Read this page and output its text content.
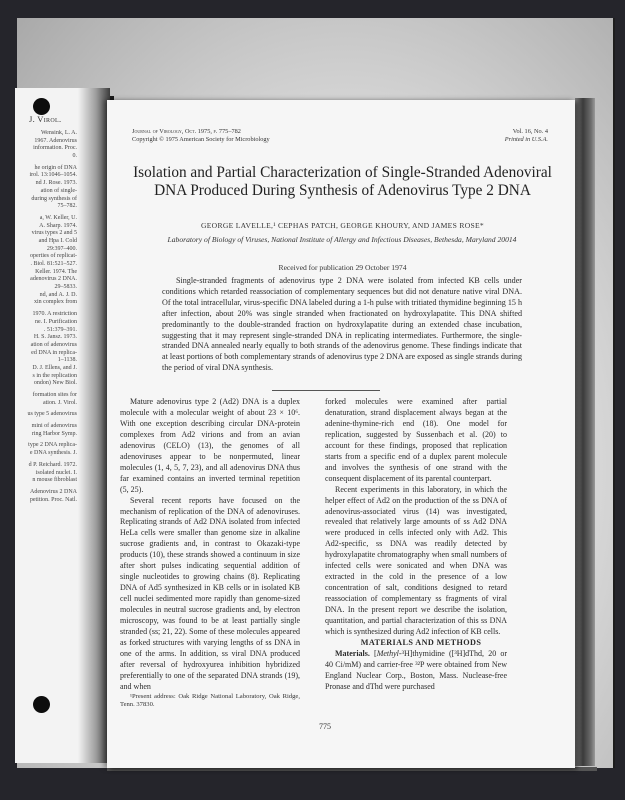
J. Virol.
Wensink, L. A.
1967. Adenovirus
information. Proc.
0.
he origin of DNA
irol. 13:1046–1054.
nd J. Rose. 1973.
ation of single-
during synthesis of
75–782.
a, W. Keller, U.
A. Sharp. 1974.
virus types 2 and 5
and Hpa I. Cold
29:397–400.
operties of replicat-
. Biol. 81:521–527.
Keller. 1974. The
adenovirus 2 DNA.
29–5833.
nd, and A. J. D.
xin complex from
1970. A restriction
ne. I. Purification
. 51:379–391.
H. S. Jansz. 1973.
ation of adenovirus
ed DNA in replica-
1–1138.
D. J. Ellens, and J.
s in the replication
ondon) New Biol.
formation sites for
ation. J. Virol.
us type 5 adenovirus
mini of adenovirus
ring Harbor Symp.
type 2 DNA replica-
e DNA synthesis. J.
d P. Reichard. 1972.
isolated nuclei. I.
n mouse fibroblast
Adenovirus 2 DNA
petition. Proc. Natl.
Journal of Virology, Oct. 1975, p. 775–782
Copyright © 1975 American Society for Microbiology
Vol. 16, No. 4
Printed in U.S.A.
Isolation and Partial Characterization of Single-Stranded Adenoviral DNA Produced During Synthesis of Adenovirus Type 2 DNA
GEORGE LAVELLE,¹ CEPHAS PATCH, GEORGE KHOURY, AND JAMES ROSE*
Laboratory of Biology of Viruses, National Institute of Allergy and Infectious Diseases, Bethesda, Maryland 20014
Received for publication 29 October 1974

Single-stranded fragments of adenovirus type 2 DNA were isolated from infected KB cells under conditions which retarded reassociation of complementary sequences but did not denature native viral DNA. Of the total intracellular, virus-specific DNA labeled during a 1-h pulse with tritiated thymidine beginning 15 h after infection, about 20% was single stranded when fractionated on hydroxylapatite. This DNA shifted predominantly to the double-stranded fraction on hydroxylapatite during an extended chase incubation, suggesting that it may represent single-stranded DNA in replicating intermediates. Furthermore, the single-stranded DNA annealed nearly equally to both strands of the adenovirus genome. These findings indicate that at least portions of both complementary strands of adenovirus type 2 DNA are exposed as single strands during the period of viral DNA synthesis.

Mature adenovirus type 2 (Ad2) DNA is a duplex molecule with a molecular weight of about 23 × 10⁶. With one exception describing circular DNA-protein complexes from Ad2 virions and from an avian adenovirus (CELO) (13), the genomes of all adenoviruses appear to be nonpermuted, linear molecules (1, 4, 5, 7, 23), and all adenovirus DNA thus far examined contains an inverted terminal repetition (5, 25).

Several recent reports have focused on the mechanism of replication of the DNA of adenoviruses. Replicating strands of Ad2 DNA isolated from infected HeLa cells were smaller than genome size in alkaline sucrose gradients and, in contrast to Okazaki-type products (10), these strands showed a continuum in size after short pulses indicating sequential addition of single nucleotides to growing chains (8). Replicating DNA of Ad5 synthesized in KB cells or in isolated KB cell nuclei sedimented more rapidly than genome-sized molecules in neutral sucrose gradients and, by electron microscopy, was found to be at least partially single stranded (ss; 21, 22). Some of these molecules appeared as forked structures with varying lengths of ss DNA in one of the arms. In addition, ss viral DNA produced after reversal of hydroxyurea inhibition hybridized preferentially to one of the separated DNA strands (19), and when

¹Present address: Oak Ridge National Laboratory, Oak Ridge, Tenn. 37830.

forked molecules were examined after partial denaturation, strand displacement always began at the adenine-thymine-rich end (18). One model for replication, suggested by Sussenbach et al. (20) to account for these findings, proposed that replication starts from a specific end of a duplex parent molecule and involves the synthesis of one strand with the consequent displacement of its parental counterpart.

Recent experiments in this laboratory, in which the helper effect of Ad2 on the production of the ss DNA of adenovirus-associated virus (14) was investigated, revealed that relatively large amounts of ss Ad2 DNA were produced in cells infected only with Ad2. This Ad2-specific, ss DNA was readily detected by hydroxylapatite chromatography when small numbers of infected cells were sonicated and when DNA was extracted in the cold in the presence of a low concentration of salt, conditions designed to retard reassociation of complementary ss fragments of viral DNA. In the present report we describe the isolation, quantitation, and partial characterization of this ss DNA which is synthesized during Ad2 infection of KB cells.

MATERIALS AND METHODS

Materials. [Methyl-³H]thymidine ([³H]dThd, 20 or 40 Ci/mM) and carrier-free ³²P were obtained from New England Nuclear Corp., Boston, Mass. Nuclease-free Pronase and dThd were purchased

775
